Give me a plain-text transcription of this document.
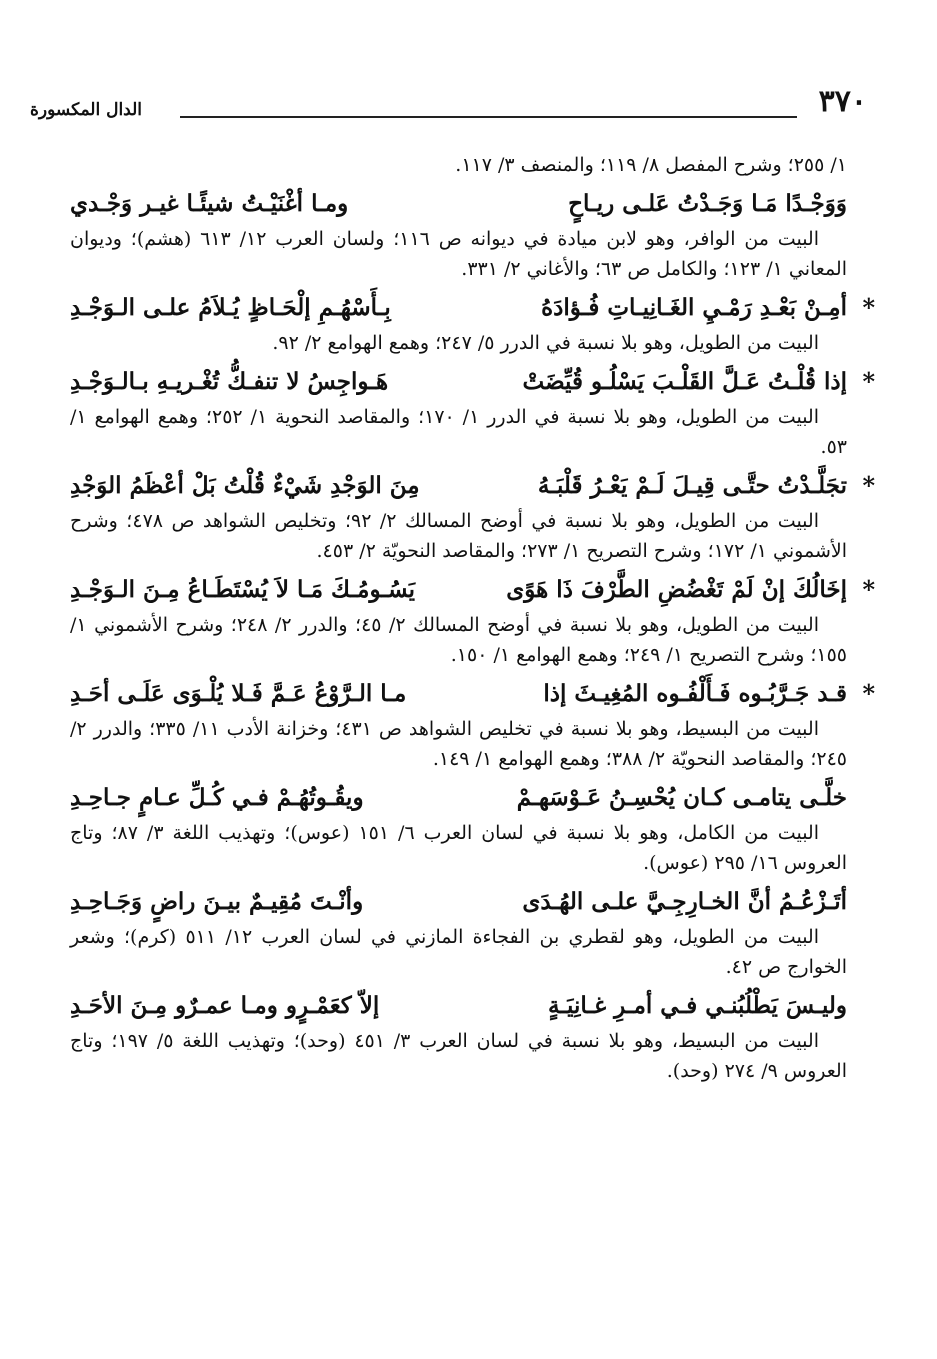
٣٧٠
الدال المكسورة

١/ ٢٥٥؛ وشرح المفصل ٨/ ١١٩؛ والمنصف ٣/ ١١٧.

وَوَجْـدًا مَـا وَجَـدْتُ عَلـى ريـاحٍ
ومـا أغْنَيْـتُ شيئًـا غيـر وَجْـدي

البيت من الوافر، وهو لابن ميادة في ديوانه ص ١١٦؛ ولسان العرب ١٢/ ٦١٣ (هشم)؛ وديوان المعاني ١/ ١٢٣؛ والكامل ص ٦٣؛ والأغاني ٢/ ٣٣١.

*
أمِـنْ بَعْـدِ رَمْـيِ الغَـانِيـاتِ فُـؤادَهُ
بِـأَسْهُـمِ إلْحَـاظٍ يُـلاَمُ علـى الـوَجْـدِ

البيت من الطويل، وهو بلا نسبة في الدرر ٥/ ٢٤٧؛ وهمع الهوامع ٢/ ٩٢.

*
إذا قُلْـتُ عَـلَّ القَلْـبَ يَسْلُـو قُيِّضَتْ
هَـواجِسُ لا تنفـكُّ تُغْـريـهِ بـالـوَجْـدِ

البيت من الطويل، وهو بلا نسبة في الدرر ١/ ١٧٠؛ والمقاصد النحوية ١/ ٢٥٢؛ وهمع الهوامع ١/ ٥٣.

*
تجَلَّـدْتُ حتَّـى قِيـلَ لَـمْ يَعْـرُ قَلْبَـهُ
مِنَ الوَجْدِ شَيْءٌ قُلْتُ بَلْ أعْظَمُ الوَجْدِ

البيت من الطويل، وهو بلا نسبة في أوضح المسالك ٢/ ٩٢؛ وتخليص الشواهد ص ٤٧٨؛ وشرح الأشموني ١/ ١٧٢؛ وشرح التصريح ١/ ٢٧٣؛ والمقاصد النحويّة ٢/ ٤٥٣.

*
إخَالُكَ إنْ لَمْ تَغْضُضِ الطَّرْفَ ذَا هَوًى
يَسُـومُـكَ مَـا لاَ يُسْتَطَـاعُ مِـنَ الـوَجْـدِ

البيت من الطويل، وهو بلا نسبة في أوضح المسالك ٢/ ٤٥؛ والدرر ٢/ ٢٤٨؛ وشرح الأشموني ١/ ١٥٥؛ وشرح التصريح ١/ ٢٤٩؛ وهمع الهوامع ١/ ١٥٠.

*
قـد جَـرَّبُـوه فَـأَلْفُـوه المُغِيـثَ إذا
مـا الـرَّوْعُ عَـمَّ فَـلا يُلْـوَى عَلَـى أحَـدِ

البيت من البسيط، وهو بلا نسبة في تخليص الشواهد ص ٤٣١؛ وخزانة الأدب ١١/ ٣٣٥؛ والدرر ٢/ ٢٤٥؛ والمقاصد النحويّة ٢/ ٣٨٨؛ وهمع الهوامع ١/ ١٤٩.

خلَّـى يتامـى كـان يُحْسِـنُ عَـوْسَهـمْ
ويقُـوتُهُـمْ فـي كُـلِّ عـامٍ جـاحِـدِ

البيت من الكامل، وهو بلا نسبة في لسان العرب ٦/ ١٥١ (عوس)؛ وتهذيب اللغة ٣/ ٨٧؛ وتاج العروس ١٦/ ٢٩٥ (عوس).

أتَـزْعُـمُ أنَّ الخـارِجِـيَّ علـى الهُـدَى
وأنْـتَ مُقِيـمٌ بيـنَ راضٍ وَجَـاحِـدِ

البيت من الطويل، وهو لقطري بن الفجاءة المازني في لسان العرب ١٢/ ٥١١ (كرم)؛ وشعر الخوارج ص ٤٢.

وليـسَ يَطْلُبُنـي فـي أمـرِ غـانِيَـةٍ
إلاّ كعَمْـرٍو ومـا عمـرٌو مِـنَ الأحَـدِ

البيت من البسيط، وهو بلا نسبة في لسان العرب ٣/ ٤٥١ (وحد)؛ وتهذيب اللغة ٥/ ١٩٧؛ وتاج العروس ٩/ ٢٧٤ (وحد).
